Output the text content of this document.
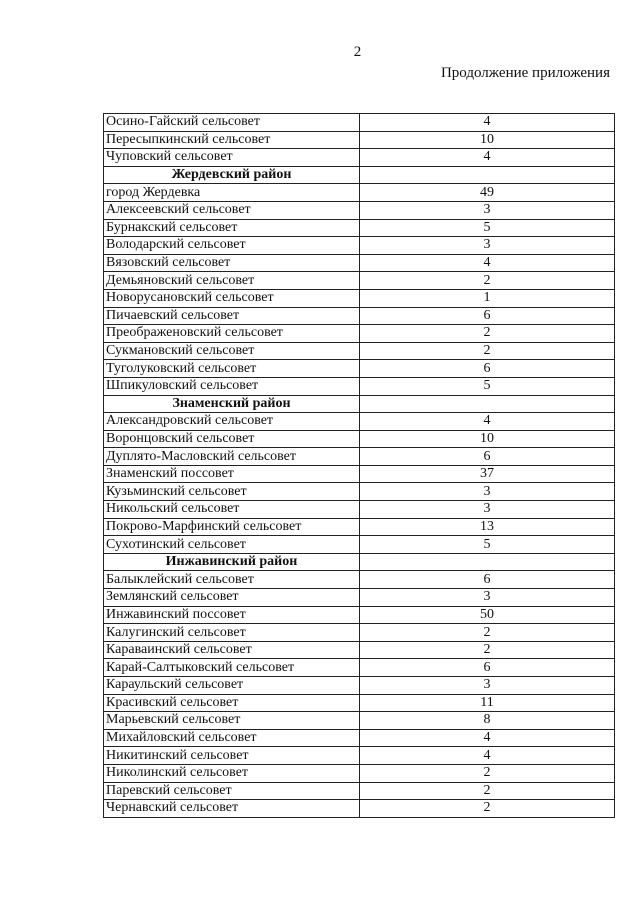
2
Продолжение приложения
Осино-Гайский сельсовет	4
Пересыпкинский сельсовет	10
Чуповский сельсовет	4
Жердевский район	
город Жердевка	49
Алексеевский сельсовет	3
Бурнакский сельсовет	5
Володарский сельсовет	3
Вязовский сельсовет	4
Демьяновский сельсовет	2
Новорусановский сельсовет	1
Пичаевский сельсовет	6
Преображеновский сельсовет	2
Сукмановский сельсовет	2
Туголуковский сельсовет	6
Шпикуловский сельсовет	5
Знаменский район	
Александровский сельсовет	4
Воронцовский сельсовет	10
Дуплято-Масловский сельсовет	6
Знаменский поссовет	37
Кузьминский сельсовет	3
Никольский сельсовет	3
Покрово-Марфинский сельсовет	13
Сухотинский сельсовет	5
Инжавинский район	
Балыклейский сельсовет	6
Землянский сельсовет	3
Инжавинский поссовет	50
Калугинский сельсовет	2
Караваинский сельсовет	2
Карай-Салтыковский сельсовет	6
Караульский сельсовет	3
Красивский сельсовет	11
Марьевский сельсовет	8
Михайловский сельсовет	4
Никитинский сельсовет	4
Николинский сельсовет	2
Паревский сельсовет	2
Чернавский сельсовет	2
